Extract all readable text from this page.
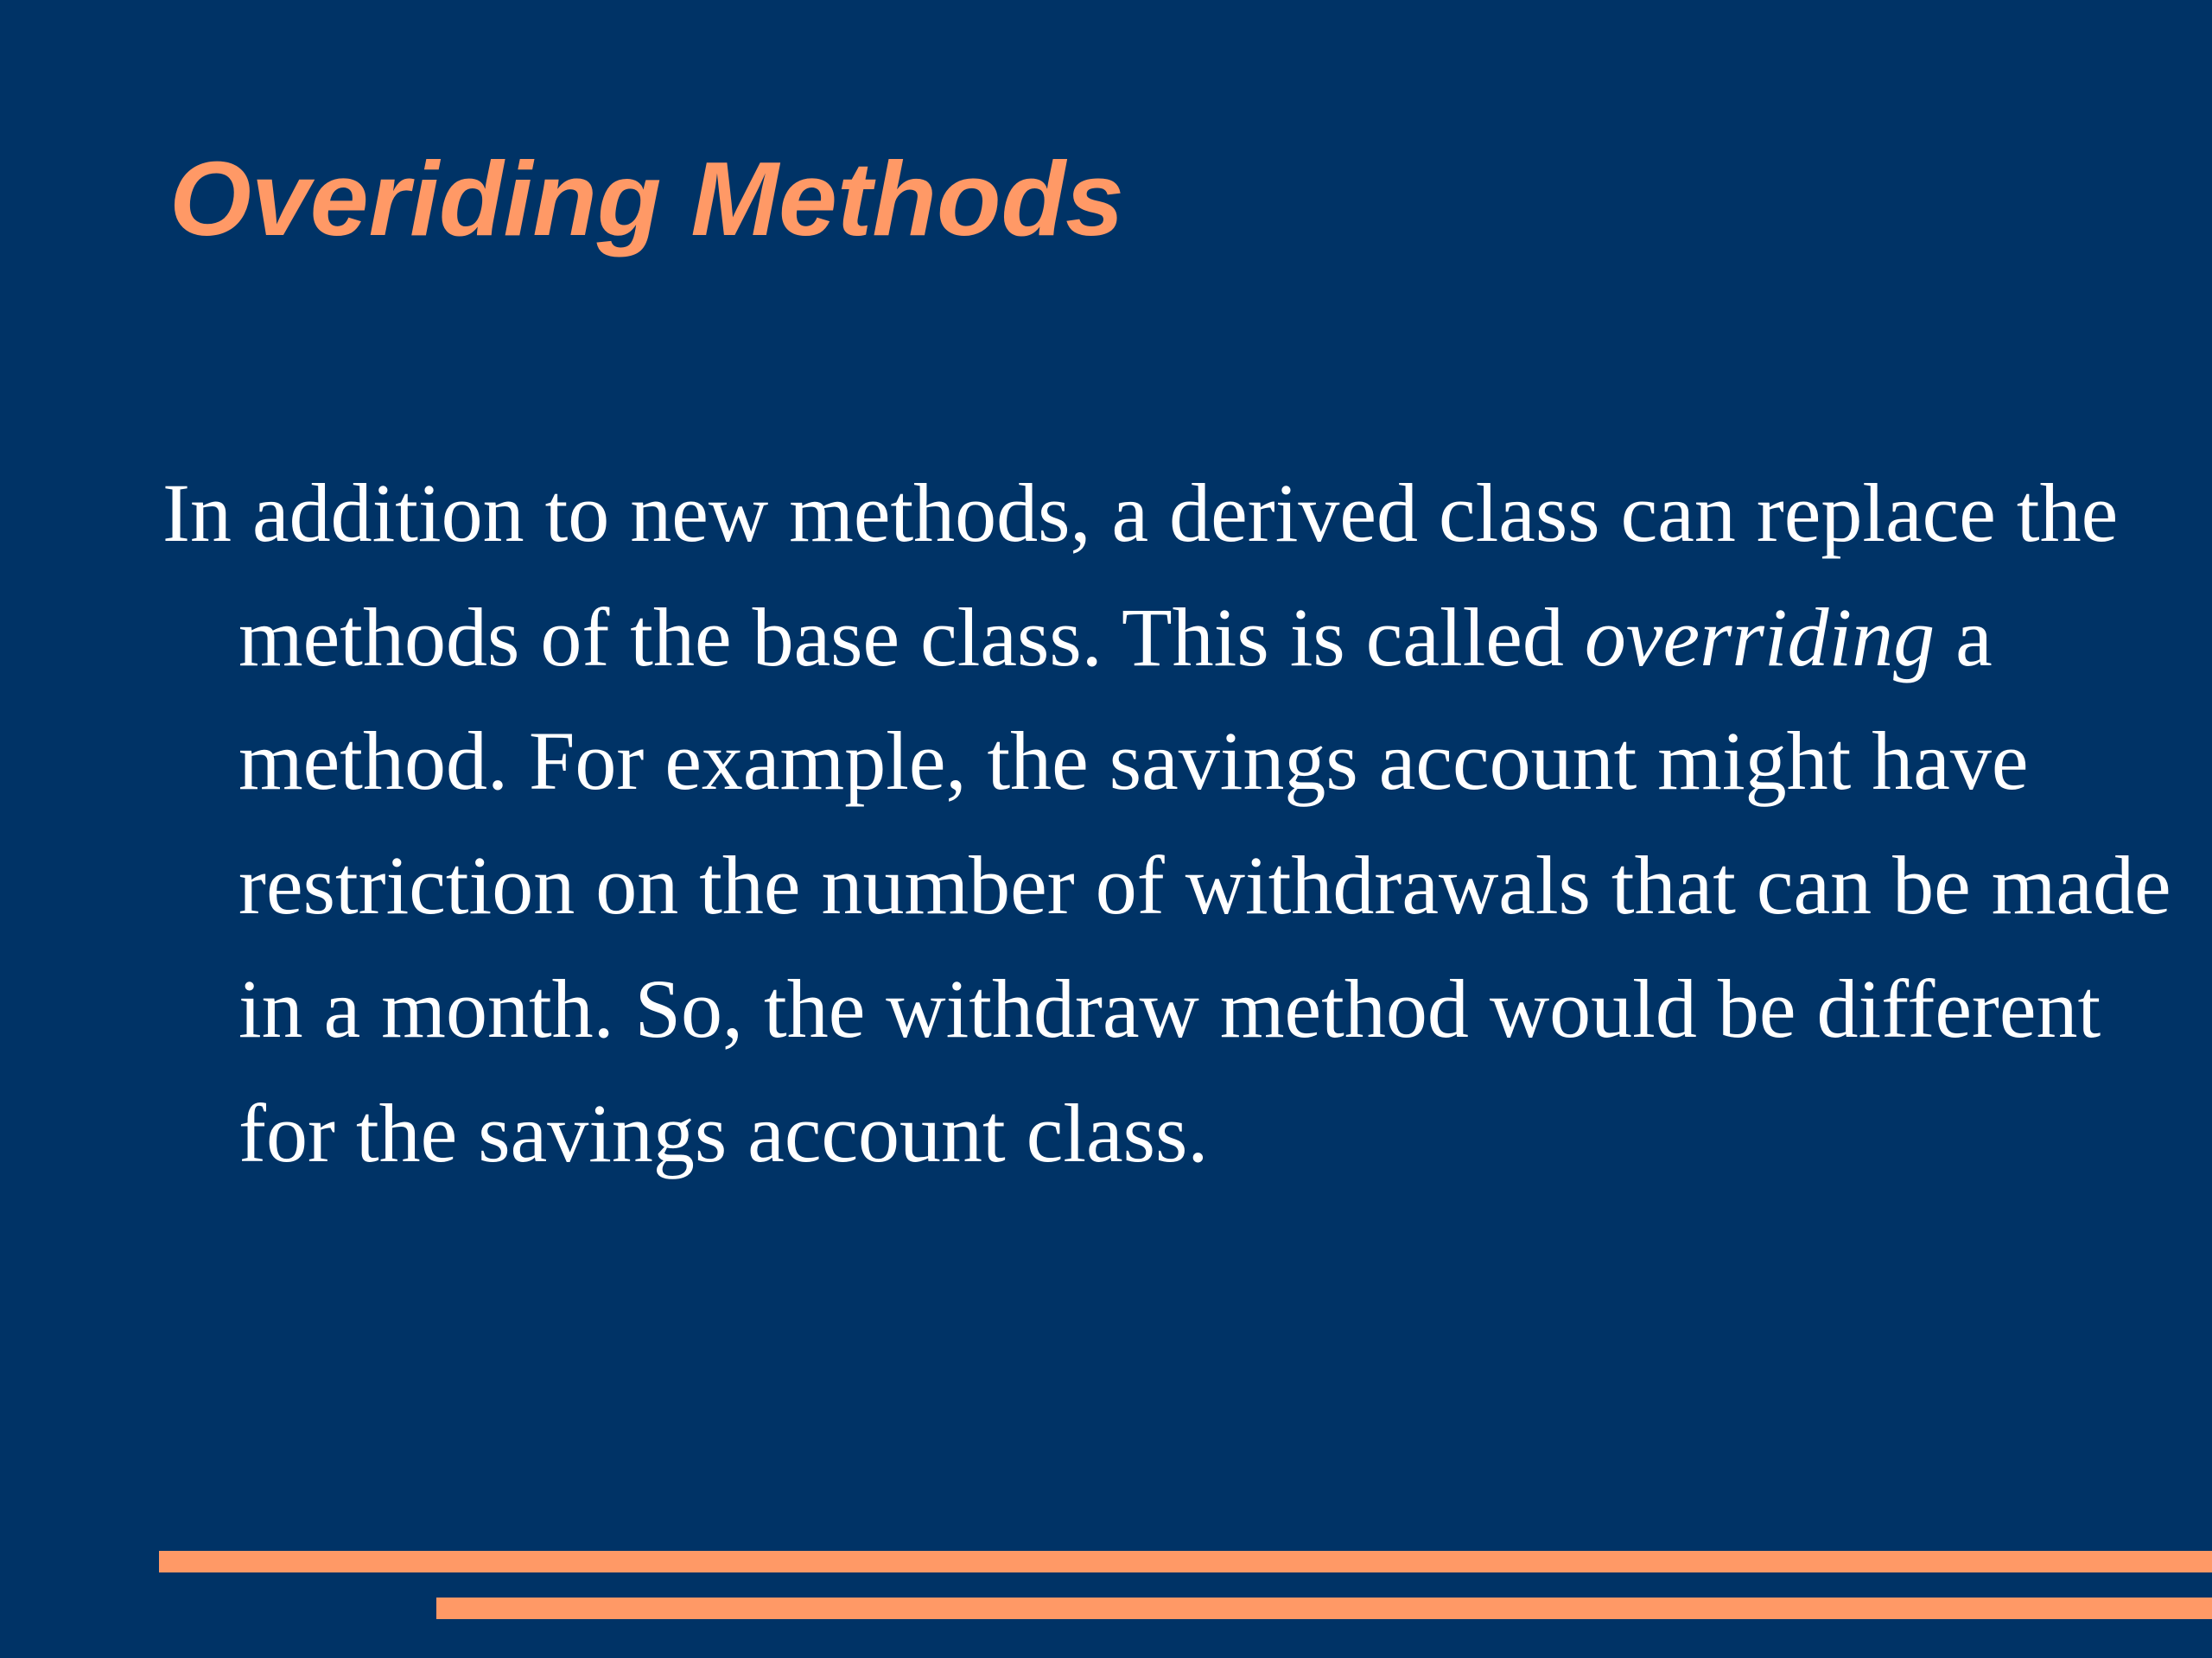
Overiding Methods

In addition to new methods, a derived class can replace the methods of the base class. This is called overriding a method. For example, the savings account might have restriction on the number of withdrawals that can be made in a month. So, the withdraw method would be different for the savings account class.
